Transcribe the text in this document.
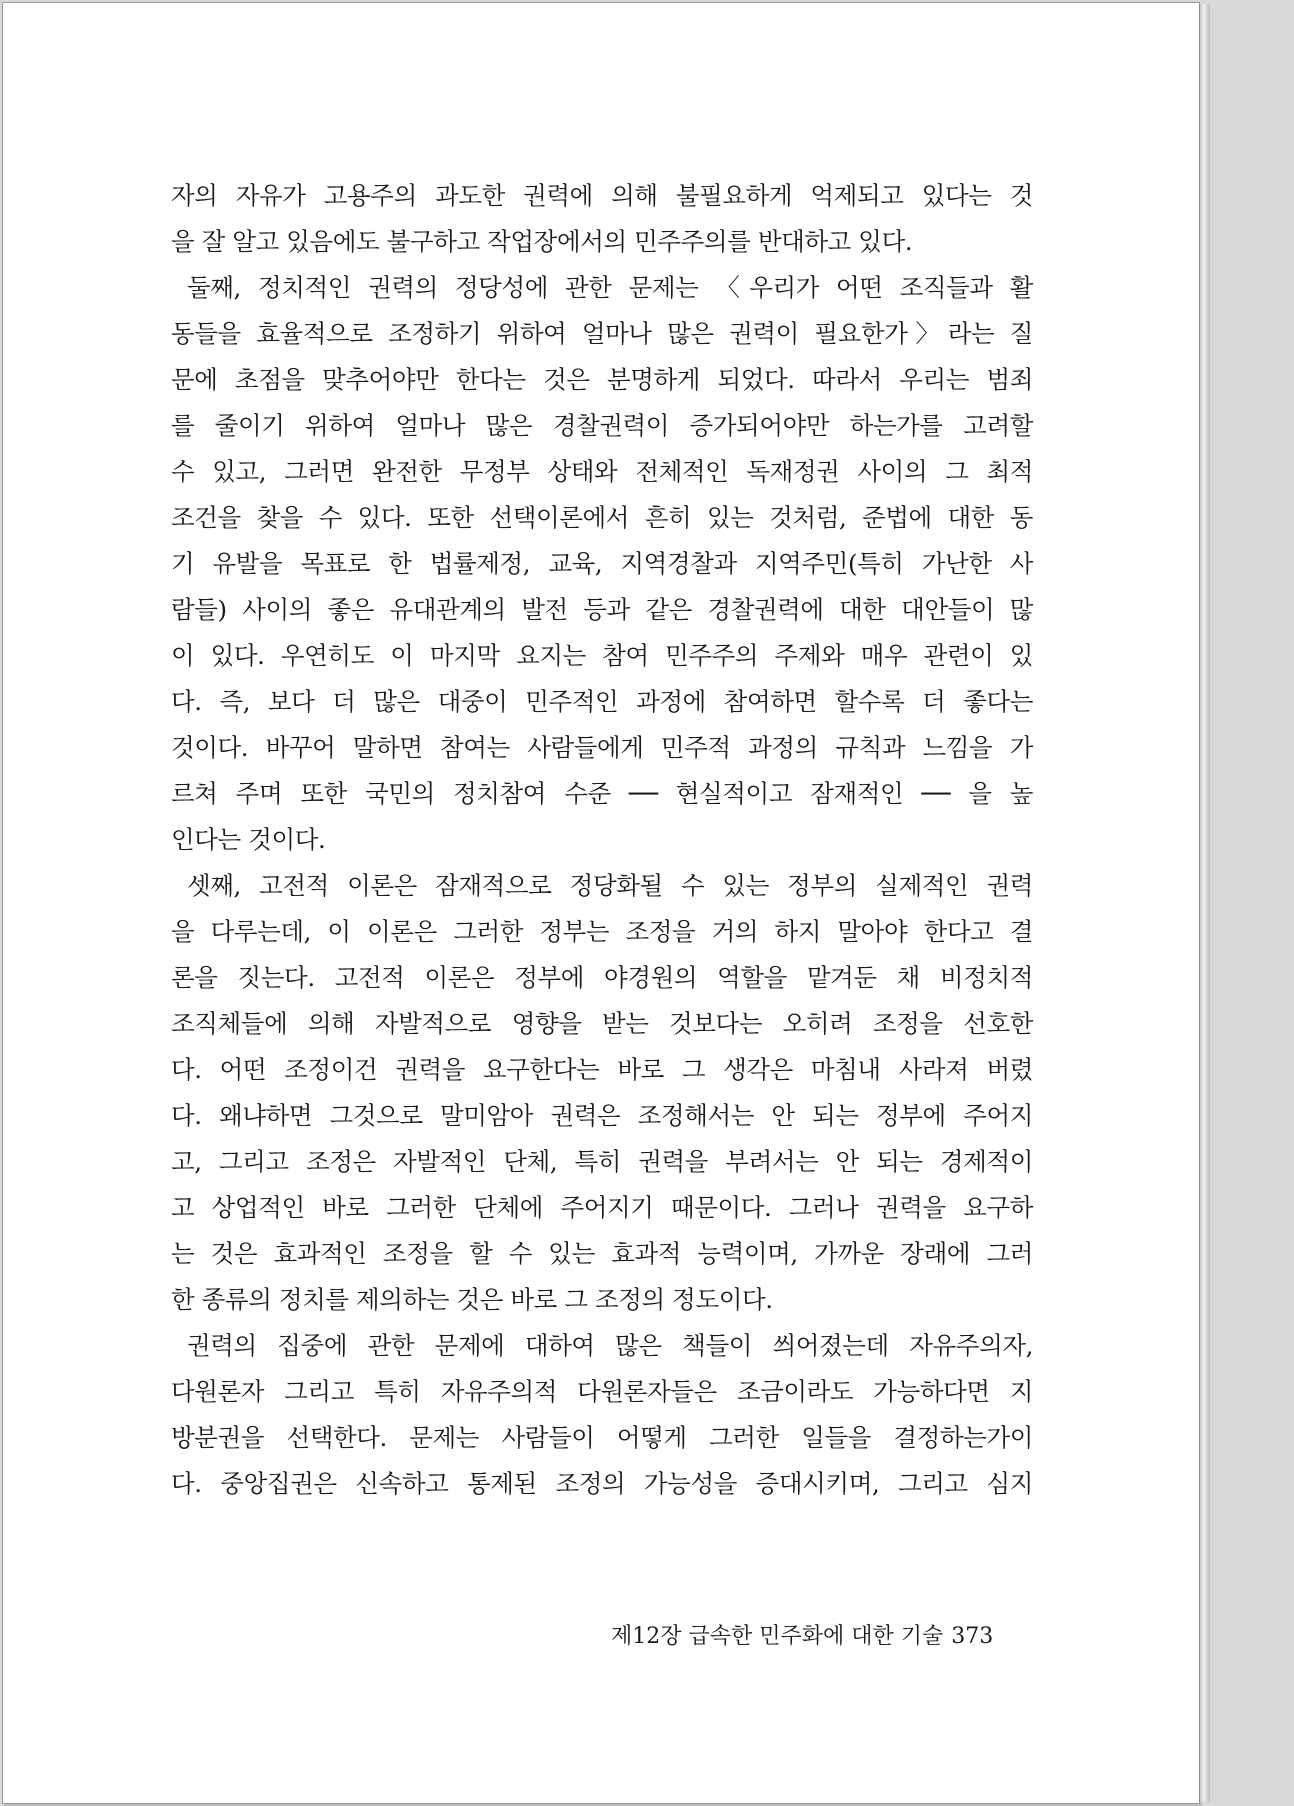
자의 자유가 고용주의 과도한 권력에 의해 불필요하게 억제되고 있다는 것
을 잘 알고 있음에도 불구하고 작업장에서의 민주주의를 반대하고 있다.
둘째, 정치적인 권력의 정당성에 관한 문제는 〈우리가 어떤 조직들과 활
동들을 효율적으로 조정하기 위하여 얼마나 많은 권력이 필요한가〉라는 질
문에 초점을 맞추어야만 한다는 것은 분명하게 되었다. 따라서 우리는 범죄
를 줄이기 위하여 얼마나 많은 경찰권력이 증가되어야만 하는가를 고려할
수 있고, 그러면 완전한 무정부 상태와 전체적인 독재정권 사이의 그 최적
조건을 찾을 수 있다. 또한 선택이론에서 흔히 있는 것처럼, 준법에 대한 동
기 유발을 목표로 한 법률제정, 교육, 지역경찰과 지역주민(특히 가난한 사
람들) 사이의 좋은 유대관계의 발전 등과 같은 경찰권력에 대한 대안들이 많
이 있다. 우연히도 이 마지막 요지는 참여 민주주의 주제와 매우 관련이 있
다. 즉, 보다 더 많은 대중이 민주적인 과정에 참여하면 할수록 더 좋다는
것이다. 바꾸어 말하면 참여는 사람들에게 민주적 과정의 규칙과 느낌을 가
르쳐 주며 또한 국민의 정치참여 수준 ── 현실적이고 잠재적인 ── 을 높
인다는 것이다.
셋째, 고전적 이론은 잠재적으로 정당화될 수 있는 정부의 실제적인 권력
을 다루는데, 이 이론은 그러한 정부는 조정을 거의 하지 말아야 한다고 결
론을 짓는다. 고전적 이론은 정부에 야경원의 역할을 맡겨둔 채 비정치적
조직체들에 의해 자발적으로 영향을 받는 것보다는 오히려 조정을 선호한
다. 어떤 조정이건 권력을 요구한다는 바로 그 생각은 마침내 사라져 버렸
다. 왜냐하면 그것으로 말미암아 권력은 조정해서는 안 되는 정부에 주어지
고, 그리고 조정은 자발적인 단체, 특히 권력을 부려서는 안 되는 경제적이
고 상업적인 바로 그러한 단체에 주어지기 때문이다. 그러나 권력을 요구하
는 것은 효과적인 조정을 할 수 있는 효과적 능력이며, 가까운 장래에 그러
한 종류의 정치를 제의하는 것은 바로 그 조정의 정도이다.
권력의 집중에 관한 문제에 대하여 많은 책들이 씌어졌는데 자유주의자,
다원론자 그리고 특히 자유주의적 다원론자들은 조금이라도 가능하다면 지
방분권을 선택한다. 문제는 사람들이 어떻게 그러한 일들을 결정하는가이
다. 중앙집권은 신속하고 통제된 조정의 가능성을 증대시키며, 그리고 심지
제12장 급속한 민주화에 대한 기술 373
